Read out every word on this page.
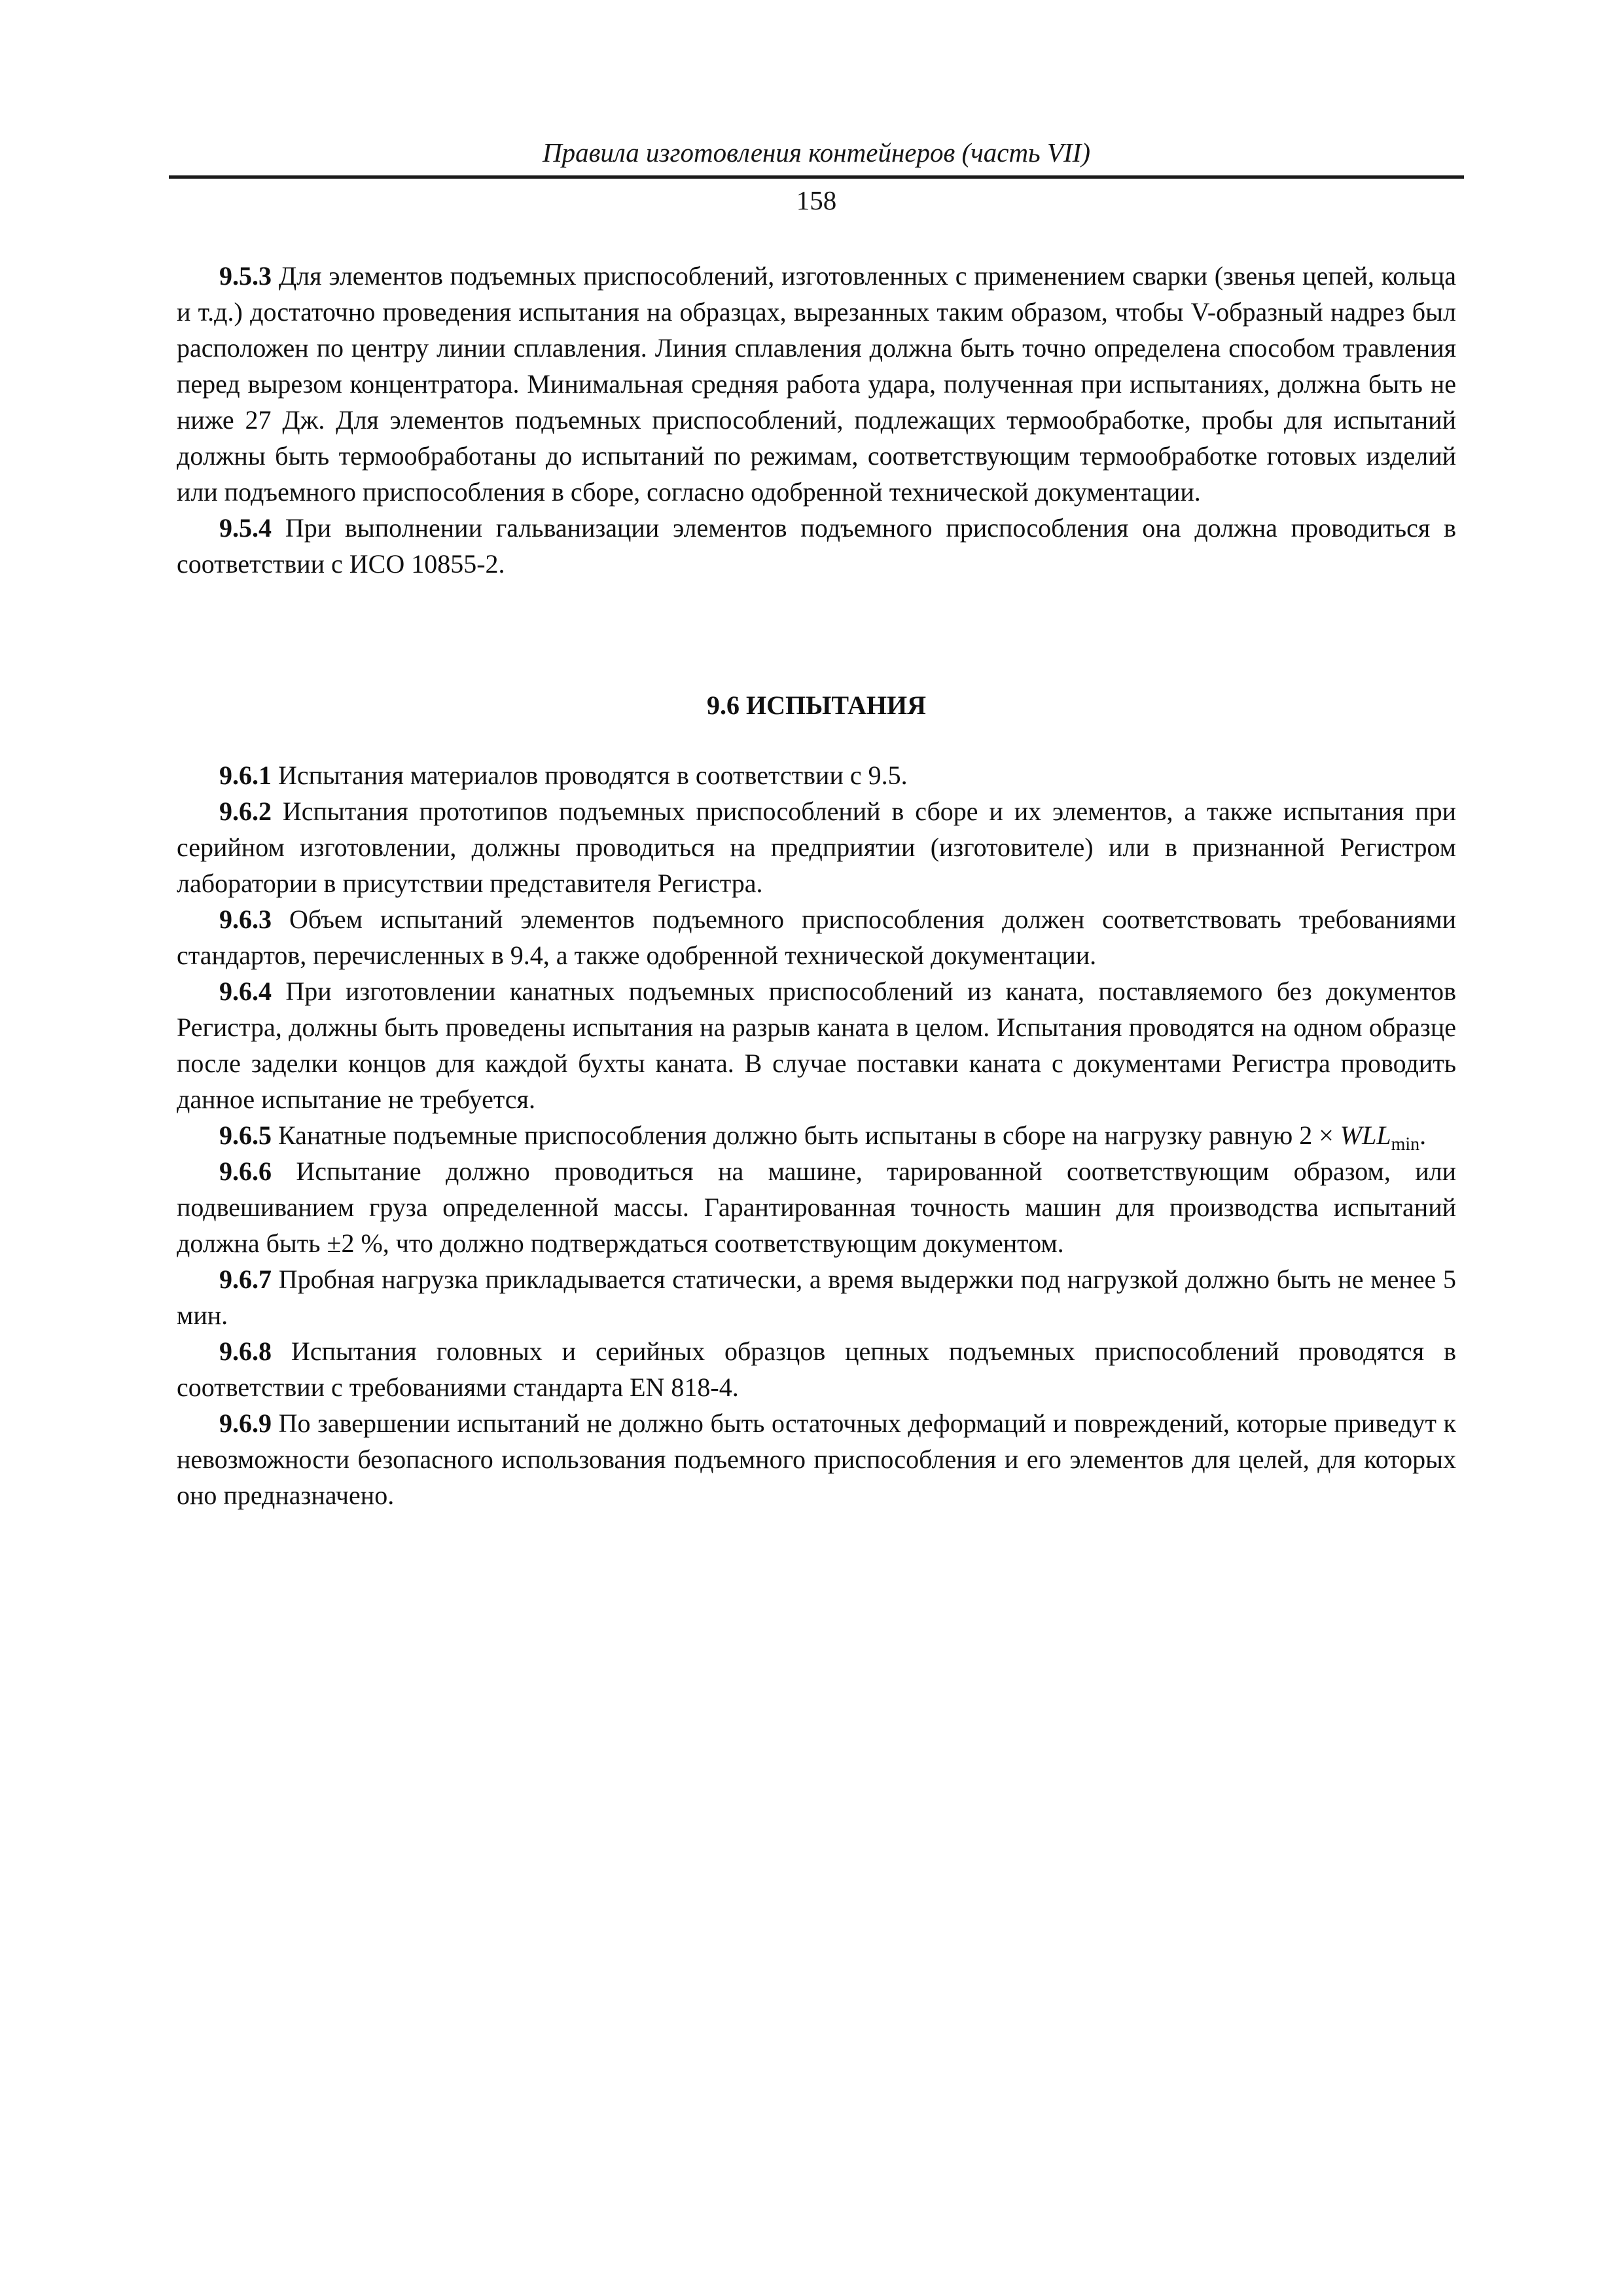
Правила изготовления контейнеров (часть VII)
158

9.5.3 Для элементов подъемных приспособлений, изготовленных с применением сварки (звенья цепей, кольца и т.д.) достаточно проведения испытания на образцах, вырезанных таким образом, чтобы V-образный надрез был расположен по центру линии сплавления. Линия сплавления должна быть точно определена способом травления перед вырезом концентратора. Минимальная средняя работа удара, полученная при испытаниях, должна быть не ниже 27 Дж. Для элементов подъемных приспособлений, подлежащих термообработке, пробы для испытаний должны быть термообработаны до испытаний по режимам, соответствующим термообработке готовых изделий или подъемного приспособления в сборе, согласно одобренной технической документации.

9.5.4 При выполнении гальванизации элементов подъемного приспособления она должна проводиться в соответствии с ИСО 10855-2.

9.6 ИСПЫТАНИЯ

9.6.1 Испытания материалов проводятся в соответствии с 9.5.

9.6.2 Испытания прототипов подъемных приспособлений в сборе и их элементов, а также испытания при серийном изготовлении, должны проводиться на предприятии (изготовителе) или в признанной Регистром лаборатории в присутствии представителя Регистра.

9.6.3 Объем испытаний элементов подъемного приспособления должен соответствовать требованиями стандартов, перечисленных в 9.4, а также одобренной технической документации.

9.6.4 При изготовлении канатных подъемных приспособлений из каната, поставляемого без документов Регистра, должны быть проведены испытания на разрыв каната в целом. Испытания проводятся на одном образце после заделки концов для каждой бухты каната. В случае поставки каната с документами Регистра проводить данное испытание не требуется.

9.6.5 Канатные подъемные приспособления должно быть испытаны в сборе на нагрузку равную $2 \times WLL_{min}$.

9.6.6 Испытание должно проводиться на машине, тарированной соответствующим образом, или подвешиванием груза определенной массы. Гарантированная точность машин для производства испытаний должна быть ±2 %, что должно подтверждаться соответствующим документом.

9.6.7 Пробная нагрузка прикладывается статически, а время выдержки под нагрузкой должно быть не менее 5 мин.

9.6.8 Испытания головных и серийных образцов цепных подъемных приспособлений проводятся в соответствии с требованиями стандарта EN 818-4.

9.6.9 По завершении испытаний не должно быть остаточных деформаций и повреждений, которые приведут к невозможности безопасного использования подъемного приспособления и его элементов для целей, для которых оно предназначено.
